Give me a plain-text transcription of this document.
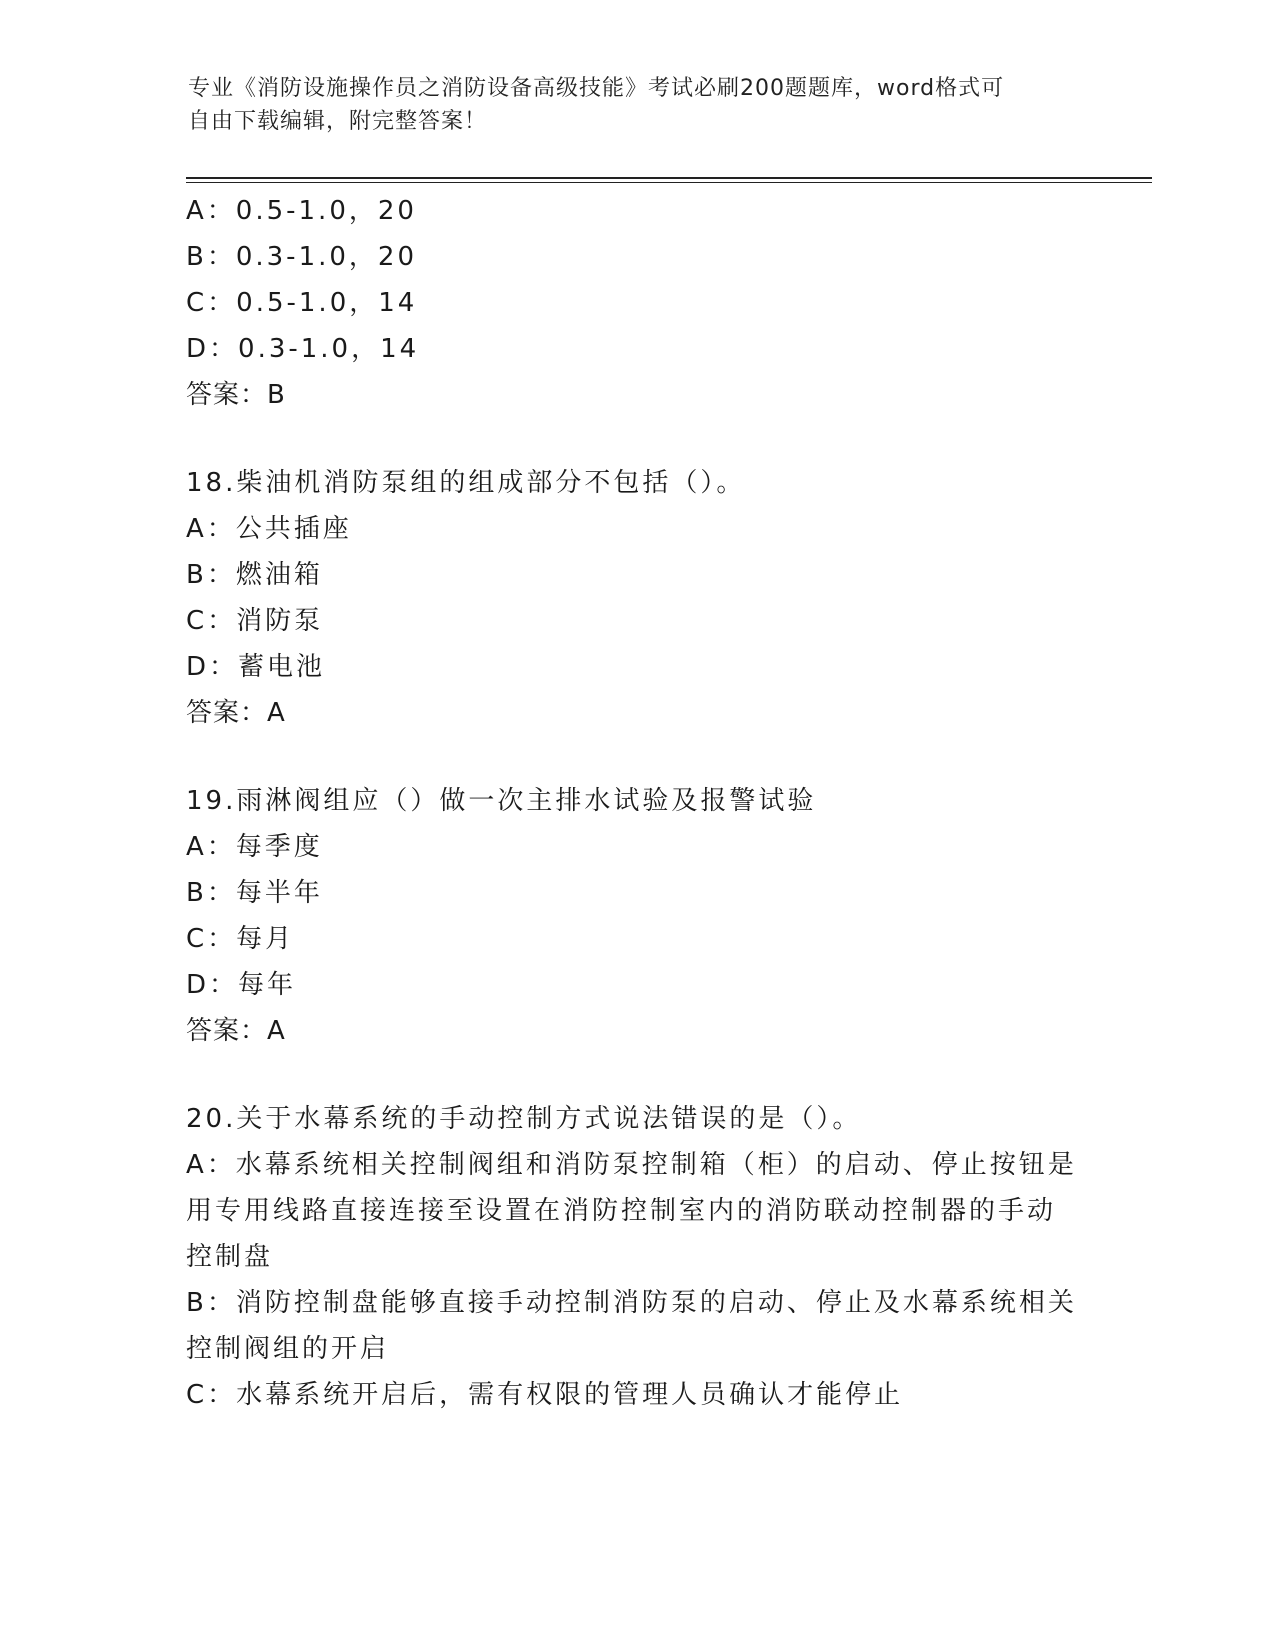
专业《消防设施操作员之消防设备高级技能》考试必刷200题题库，word格式可
自由下载编辑，附完整答案！
A：0.5-1.0，20
B：0.3-1.0，20
C：0.5-1.0，14
D：0.3-1.0，14
答案：B
18.柴油机消防泵组的组成部分不包括（）。
A：公共插座
B：燃油箱
C：消防泵
D：蓄电池
答案：A
19.雨淋阀组应（）做一次主排水试验及报警试验
A：每季度
B：每半年
C：每月
D：每年
答案：A
20.关于水幕系统的手动控制方式说法错误的是（）。
A：水幕系统相关控制阀组和消防泵控制箱（柜）的启动、停止按钮是
用专用线路直接连接至设置在消防控制室内的消防联动控制器的手动
控制盘
B：消防控制盘能够直接手动控制消防泵的启动、停止及水幕系统相关
控制阀组的开启
C：水幕系统开启后，需有权限的管理人员确认才能停止
